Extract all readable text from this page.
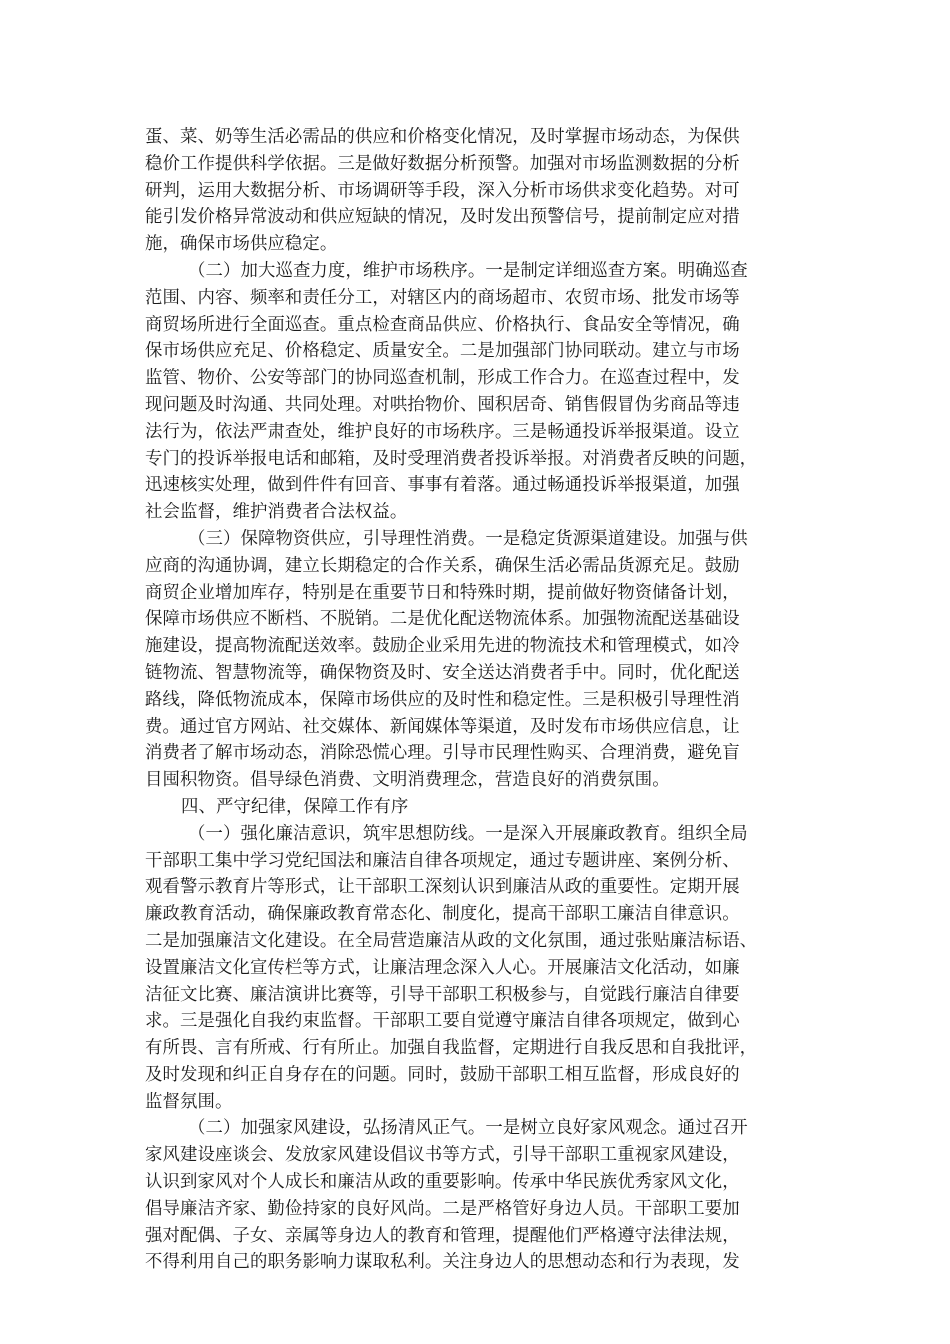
蛋、菜、奶等生活必需品的供应和价格变化情况，及时掌握市场动态，为保供
稳价工作提供科学依据。三是做好数据分析预警。加强对市场监测数据的分析
研判，运用大数据分析、市场调研等手段，深入分析市场供求变化趋势。对可
能引发价格异常波动和供应短缺的情况，及时发出预警信号，提前制定应对措
施，确保市场供应稳定。
（二）加大巡查力度，维护市场秩序。一是制定详细巡查方案。明确巡查
范围、内容、频率和责任分工，对辖区内的商场超市、农贸市场、批发市场等
商贸场所进行全面巡查。重点检查商品供应、价格执行、食品安全等情况，确
保市场供应充足、价格稳定、质量安全。二是加强部门协同联动。建立与市场
监管、物价、公安等部门的协同巡查机制，形成工作合力。在巡查过程中，发
现问题及时沟通、共同处理。对哄抬物价、囤积居奇、销售假冒伪劣商品等违
法行为，依法严肃查处，维护良好的市场秩序。三是畅通投诉举报渠道。设立
专门的投诉举报电话和邮箱，及时受理消费者投诉举报。对消费者反映的问题，
迅速核实处理，做到件件有回音、事事有着落。通过畅通投诉举报渠道，加强
社会监督，维护消费者合法权益。
（三）保障物资供应，引导理性消费。一是稳定货源渠道建设。加强与供
应商的沟通协调，建立长期稳定的合作关系，确保生活必需品货源充足。鼓励
商贸企业增加库存，特别是在重要节日和特殊时期，提前做好物资储备计划，
保障市场供应不断档、不脱销。二是优化配送物流体系。加强物流配送基础设
施建设，提高物流配送效率。鼓励企业采用先进的物流技术和管理模式，如冷
链物流、智慧物流等，确保物资及时、安全送达消费者手中。同时，优化配送
路线，降低物流成本，保障市场供应的及时性和稳定性。三是积极引导理性消
费。通过官方网站、社交媒体、新闻媒体等渠道，及时发布市场供应信息，让
消费者了解市场动态，消除恐慌心理。引导市民理性购买、合理消费，避免盲
目囤积物资。倡导绿色消费、文明消费理念，营造良好的消费氛围。
四、严守纪律，保障工作有序
（一）强化廉洁意识，筑牢思想防线。一是深入开展廉政教育。组织全局
干部职工集中学习党纪国法和廉洁自律各项规定，通过专题讲座、案例分析、
观看警示教育片等形式，让干部职工深刻认识到廉洁从政的重要性。定期开展
廉政教育活动，确保廉政教育常态化、制度化，提高干部职工廉洁自律意识。
二是加强廉洁文化建设。在全局营造廉洁从政的文化氛围，通过张贴廉洁标语、
设置廉洁文化宣传栏等方式，让廉洁理念深入人心。开展廉洁文化活动，如廉
洁征文比赛、廉洁演讲比赛等，引导干部职工积极参与，自觉践行廉洁自律要
求。三是强化自我约束监督。干部职工要自觉遵守廉洁自律各项规定，做到心
有所畏、言有所戒、行有所止。加强自我监督，定期进行自我反思和自我批评，
及时发现和纠正自身存在的问题。同时，鼓励干部职工相互监督，形成良好的
监督氛围。
（二）加强家风建设，弘扬清风正气。一是树立良好家风观念。通过召开
家风建设座谈会、发放家风建设倡议书等方式，引导干部职工重视家风建设，
认识到家风对个人成长和廉洁从政的重要影响。传承中华民族优秀家风文化，
倡导廉洁齐家、勤俭持家的良好风尚。二是严格管好身边人员。干部职工要加
强对配偶、子女、亲属等身边人的教育和管理，提醒他们严格遵守法律法规，
不得利用自己的职务影响力谋取私利。关注身边人的思想动态和行为表现，发
